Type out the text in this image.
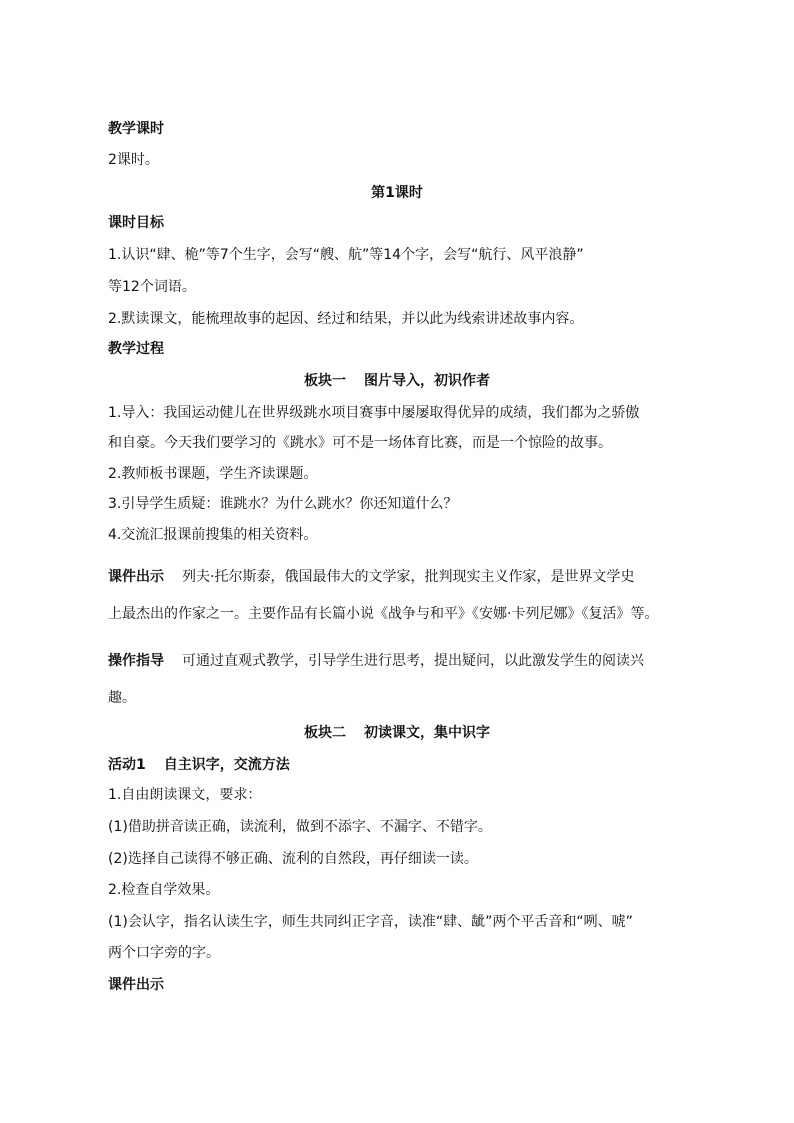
教学课时
2课时。
第1课时
课时目标
1.认识“肆、桅”等7个生字，会写“艘、航”等14个字，会写“航行、风平浪静”
等12个词语。
2.默读课文，能梳理故事的起因、经过和结果，并以此为线索讲述故事内容。
教学过程
板块一 图片导入，初识作者
1.导入：我国运动健儿在世界级跳水项目赛事中屡屡取得优异的成绩，我们都为之骄傲
和自豪。今天我们要学习的《跳水》可不是一场体育比赛，而是一个惊险的故事。
2.教师板书课题，学生齐读课题。
3.引导学生质疑：谁跳水？为什么跳水？你还知道什么？
4.交流汇报课前搜集的相关资料。
课件出示 列夫·托尔斯泰，俄国最伟大的文学家，批判现实主义作家，是世界文学史
上最杰出的作家之一。主要作品有长篇小说《战争与和平》《安娜·卡列尼娜》《复活》等。
操作指导 可通过直观式教学，引导学生进行思考，提出疑问，以此激发学生的阅读兴
趣。
板块二 初读课文，集中识字
活动1 自主识字，交流方法
1.自由朗读课文，要求：
(1)借助拼音读正确，读流利，做到不添字、不漏字、不错字。
(2)选择自己读得不够正确、流利的自然段，再仔细读一读。
2.检查自学效果。
(1)会认字，指名认读生字，师生共同纠正字音，读准“肆、龇”两个平舌音和“咧、唬”
两个口字旁的字。
课件出示
